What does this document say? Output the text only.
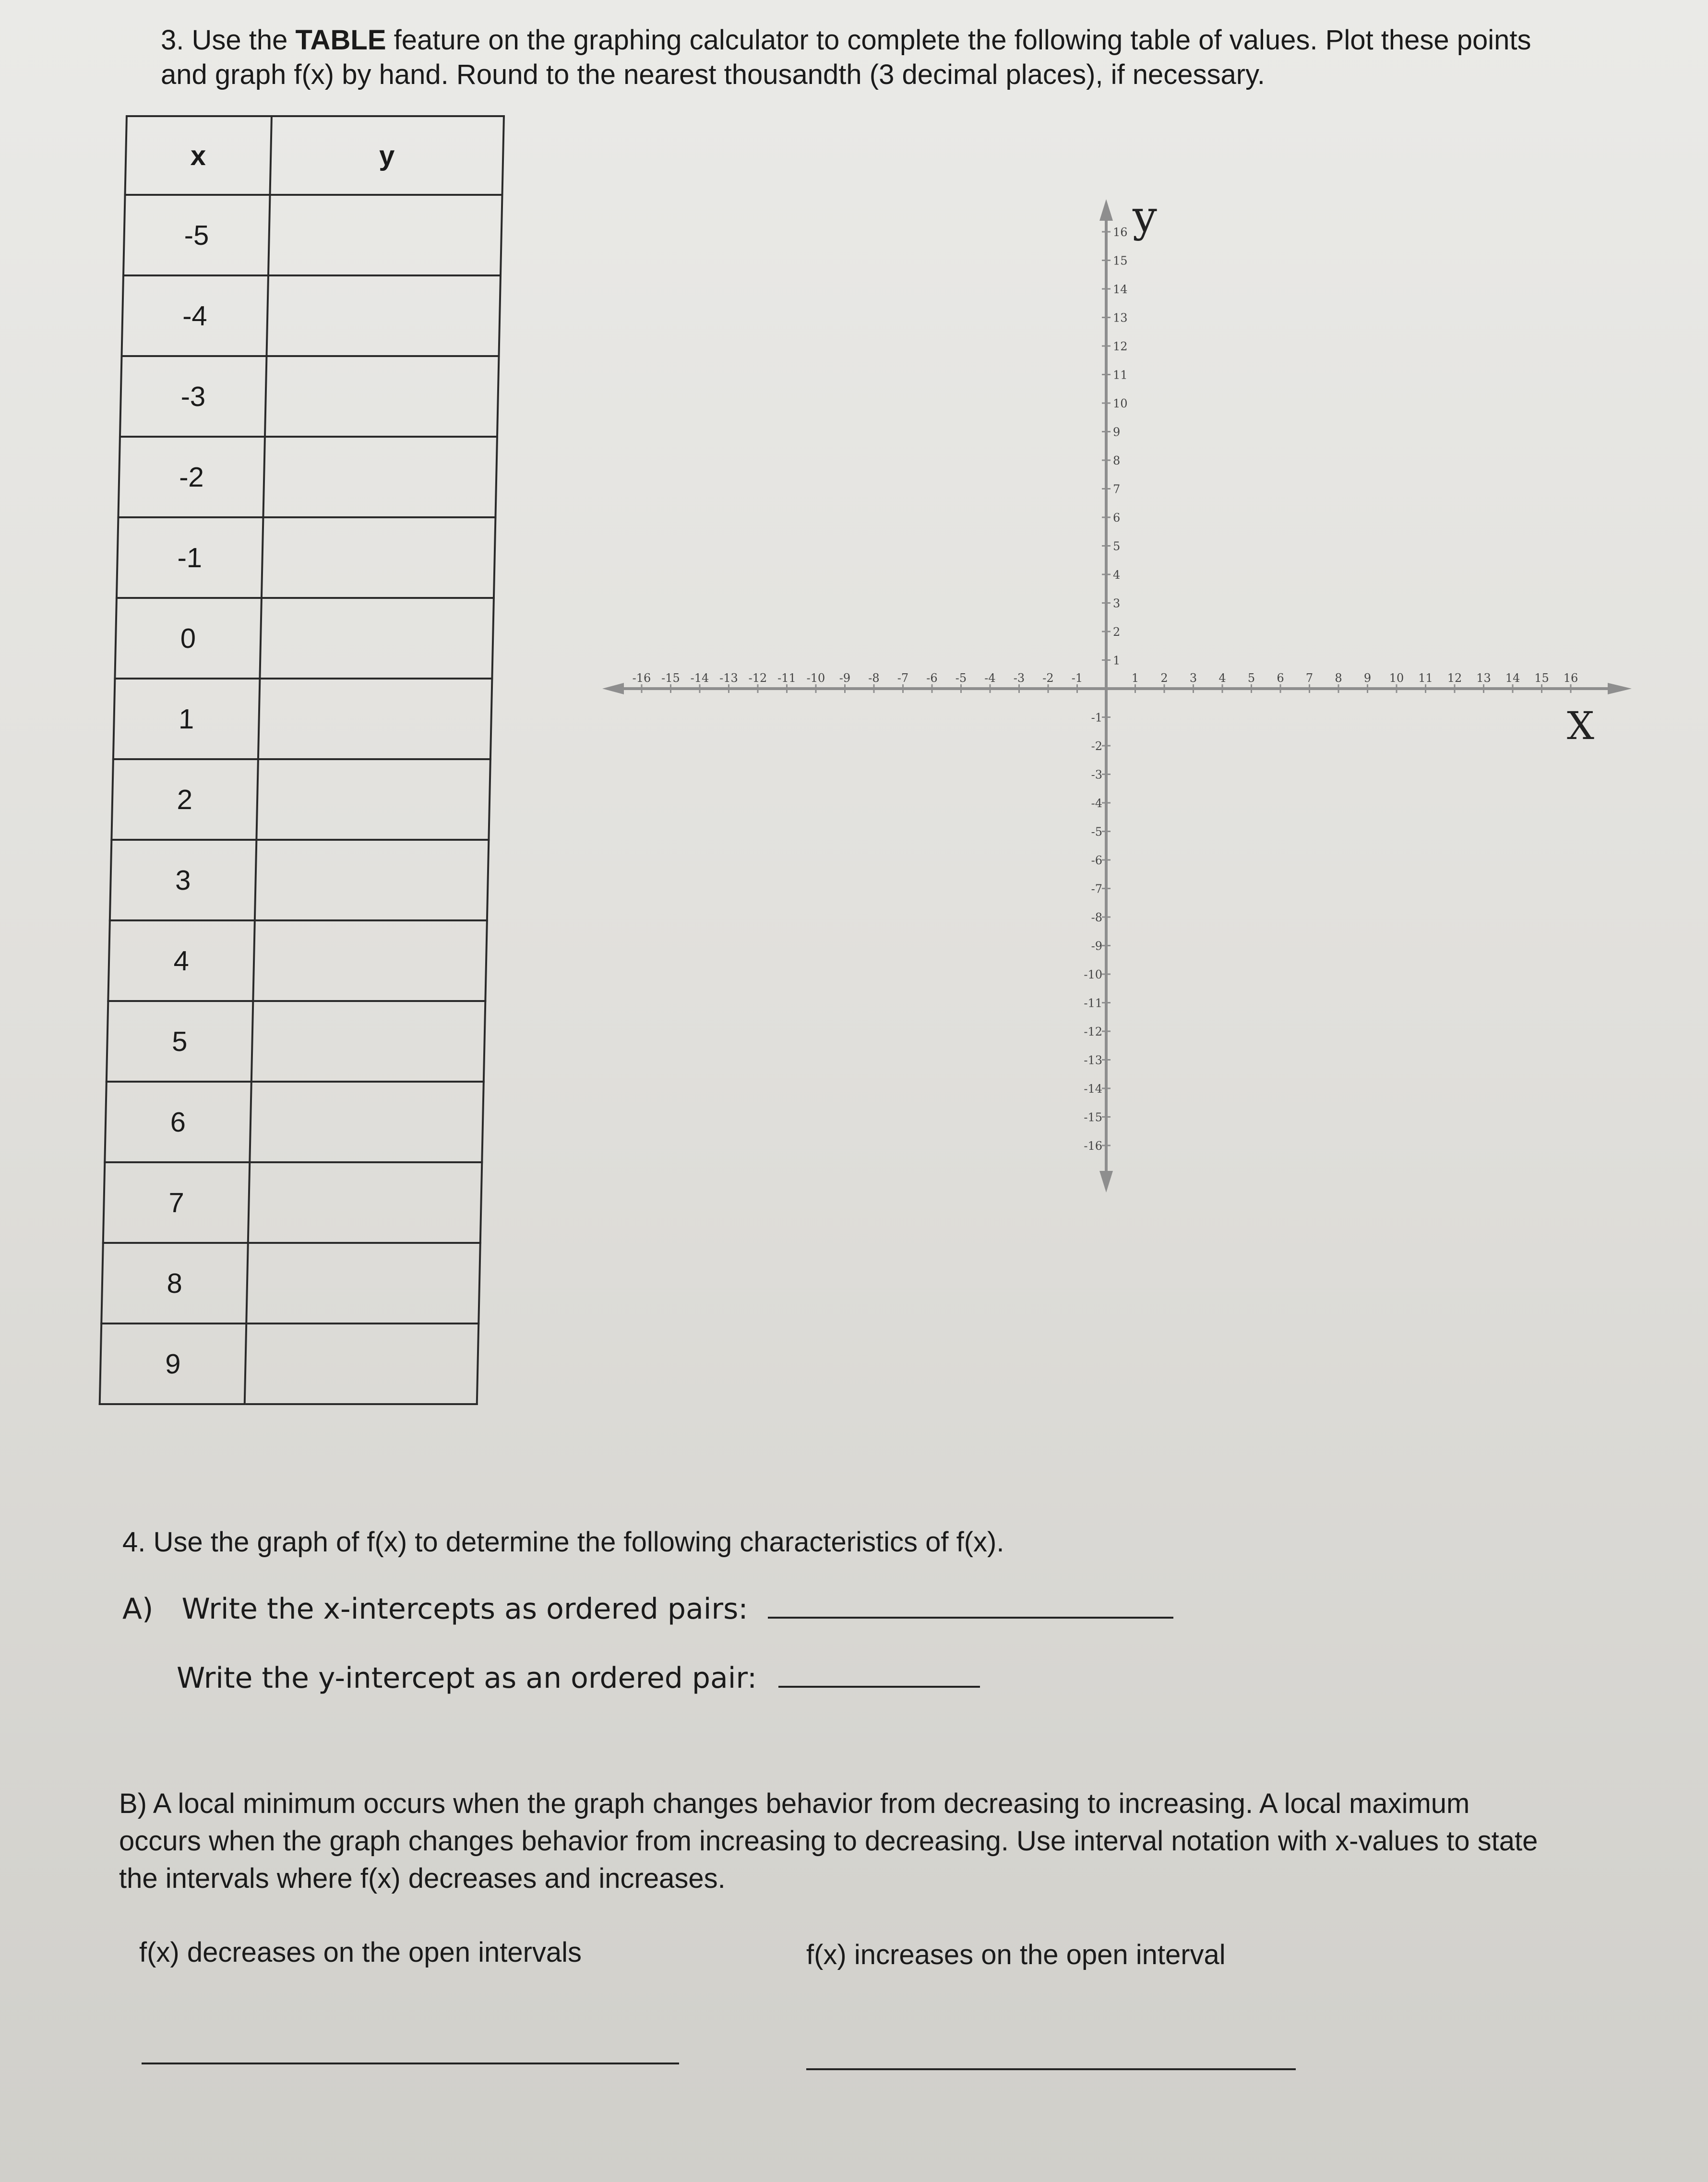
3. Use the TABLE feature on the graphing calculator to complete the following table of values. Plot these points and graph f(x) by hand. Round to the nearest thousandth (3 decimal places), if necessary.
x	y
-5	
-4	
-3	
-2	
-1	
0	
1	
2	
3	
4	
5	
6	
7	
8	
9	
-16 -15 -14 -13 -12 -11 -10 -9 -8 -7 -6 -5 -4 -3 -2 -1	1 2 3 4 5 6 7 8 9 10 11 12 13 14 15 16
16
15
14
13
12
11
10
9
8
7
6
5
4
3
2
1
-1
-2
-3
-4
-5
-6
-7
-8
-9
-10
-11
-12
-13
-14
-15
-16
y
X
4. Use the graph of f(x) to determine the following characteristics of f(x).
A) Write the x-intercepts as ordered pairs:
Write the y-intercept as an ordered pair:
B) A local minimum occurs when the graph changes behavior from decreasing to increasing. A local maximum occurs when the graph changes behavior from increasing to decreasing. Use interval notation with x-values to state the intervals where f(x) decreases and increases.
f(x) decreases on the open intervals	f(x) increases on the open interval
